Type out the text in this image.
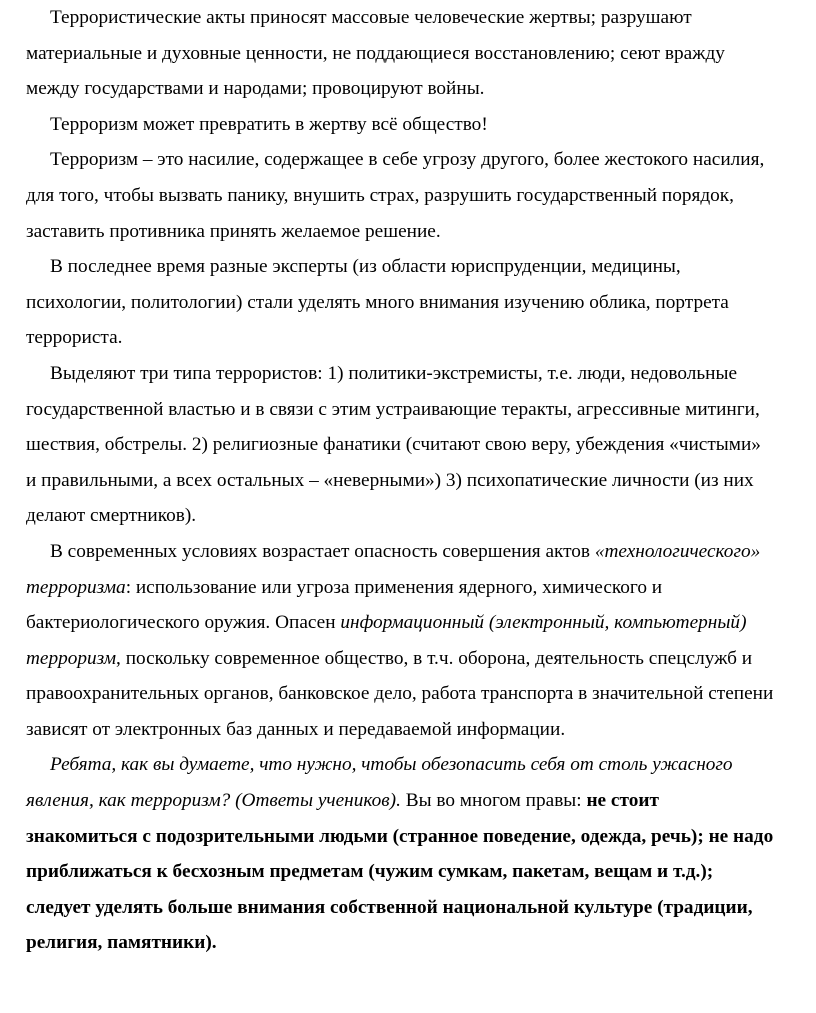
Террористические акты приносят массовые человеческие жертвы; разрушают
материальные и духовные ценности, не поддающиеся восстановлению; сеют вражду
между государствами и народами; провоцируют войны.
Терроризм может превратить в жертву всё общество!
Терроризм – это насилие, содержащее в себе угрозу другого, более жестокого насилия,
для того, чтобы вызвать панику, внушить страх, разрушить государственный порядок,
заставить противника принять желаемое решение.
В последнее время разные эксперты (из области юриспруденции, медицины,
психологии, политологии) стали уделять много внимания изучению облика, портрета
террориста.
Выделяют три типа террористов: 1) политики-экстремисты, т.е. люди, недовольные
государственной властью и в связи с этим устраивающие теракты, агрессивные митинги,
шествия, обстрелы. 2) религиозные фанатики (считают свою веру, убеждения «чистыми»
и правильными, а всех остальных – «неверными») 3) психопатические личности (из них
делают смертников).
В современных условиях возрастает опасность совершения актов «технологического»
терроризма: использование или угроза применения ядерного, химического и
бактериологического оружия. Опасен информационный (электронный, компьютерный)
терроризм, поскольку современное общество, в т.ч. оборона, деятельность спецслужб и
правоохранительных органов, банковское дело, работа транспорта в значительной степени
зависят от электронных баз данных и передаваемой информации.
Ребята, как вы думаете, что нужно, чтобы обезопасить себя от столь ужасного
явления, как терроризм? (Ответы учеников). Вы во многом правы: не стоит
знакомиться с подозрительными людьми (странное поведение, одежда, речь); не надо
приближаться к бесхозным предметам (чужим сумкам, пакетам, вещам и т.д.);
следует уделять больше внимания собственной национальной культуре (традиции,
религия, памятники).
